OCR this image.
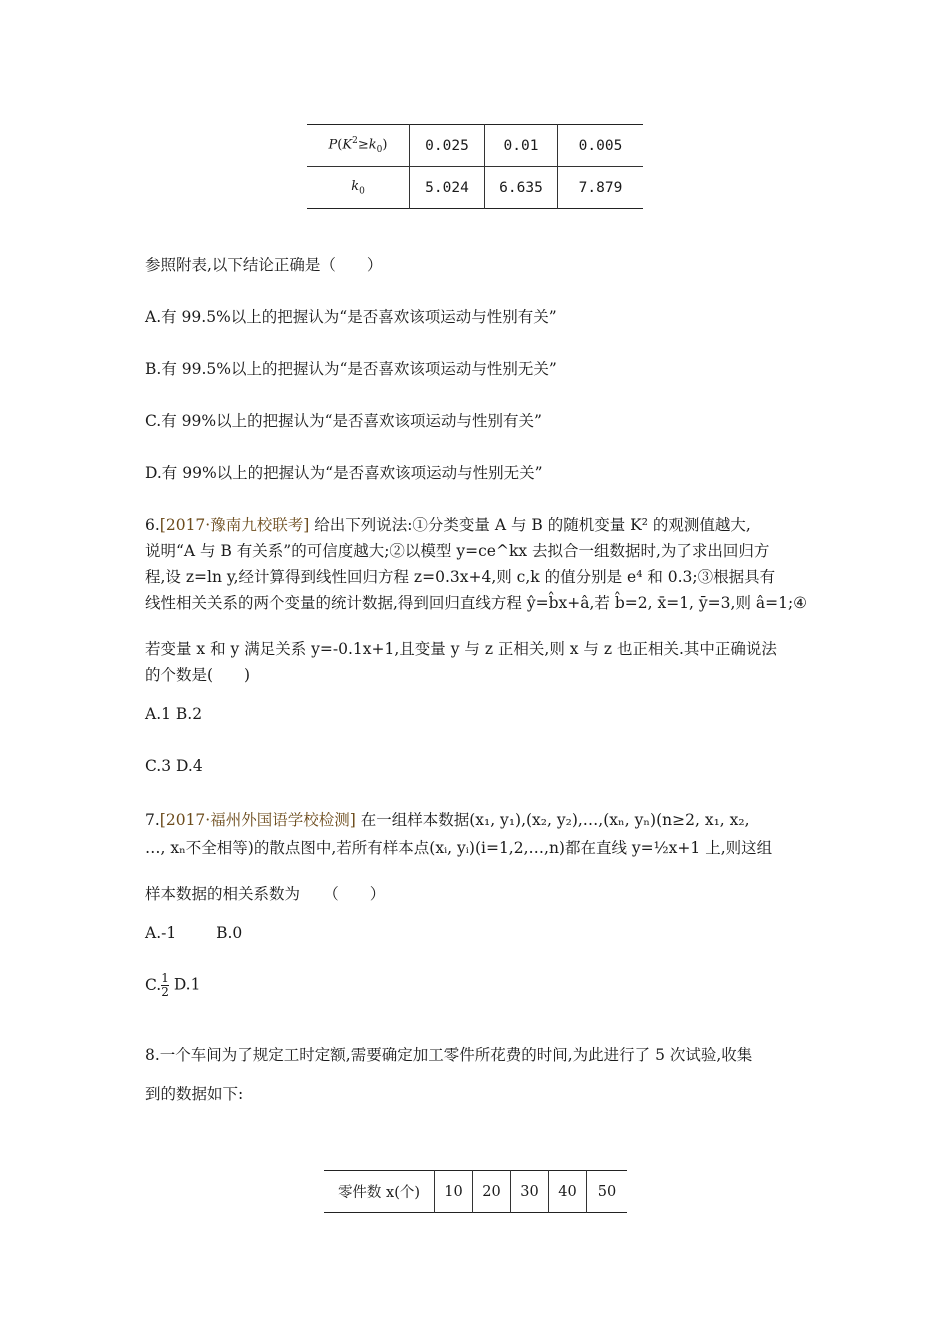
$P(K^2\ge k_0)$	0.025	0.01	0.005
$k_0$	5.024	6.635	7.879
参照附表,以下结论正确是（　　）
A.有 99.5%以上的把握认为“是否喜欢该项运动与性别有关”
B.有 99.5%以上的把握认为“是否喜欢该项运动与性别无关”
C.有 99%以上的把握认为“是否喜欢该项运动与性别有关”
D.有 99%以上的把握认为“是否喜欢该项运动与性别无关”
6.[2017·豫南九校联考] 给出下列说法:①分类变量 A 与 B 的随机变量 K² 的观测值越大,
说明“A 与 B 有关系”的可信度越大;②以模型 y=ce^kx 去拟合一组数据时,为了求出回归方
程,设 z=ln y,经计算得到线性回归方程 z=0.3x+4,则 c,k 的值分别是 e⁴ 和 0.3;③根据具有
线性相关关系的两个变量的统计数据,得到回归直线方程 ŷ=b̂x+â,若 b̂=2, x̄=1, ȳ=3,则 â=1;④
若变量 x 和 y 满足关系 y=-0.1x+1,且变量 y 与 z 正相关,则 x 与 z 也正相关.其中正确说法
的个数是(　　)
A.1 B.2
C.3 D.4
7.[2017·福州外国语学校检测] 在一组样本数据(x₁, y₁),(x₂, y₂),…,(xₙ, yₙ)(n≥2, x₁, x₂,
…, xₙ不全相等)的散点图中,若所有样本点(xᵢ, yᵢ)(i=1,2,…,n)都在直线 y=½x+1 上,则这组
样本数据的相关系数为　　（　　）
A.-1	B.0
C. $\frac{1}{2} D.1$
8.一个车间为了规定工时定额,需要确定加工零件所花费的时间,为此进行了 5 次试验,收集
到的数据如下:
零件数 x(个)	10	20	30	40	50
